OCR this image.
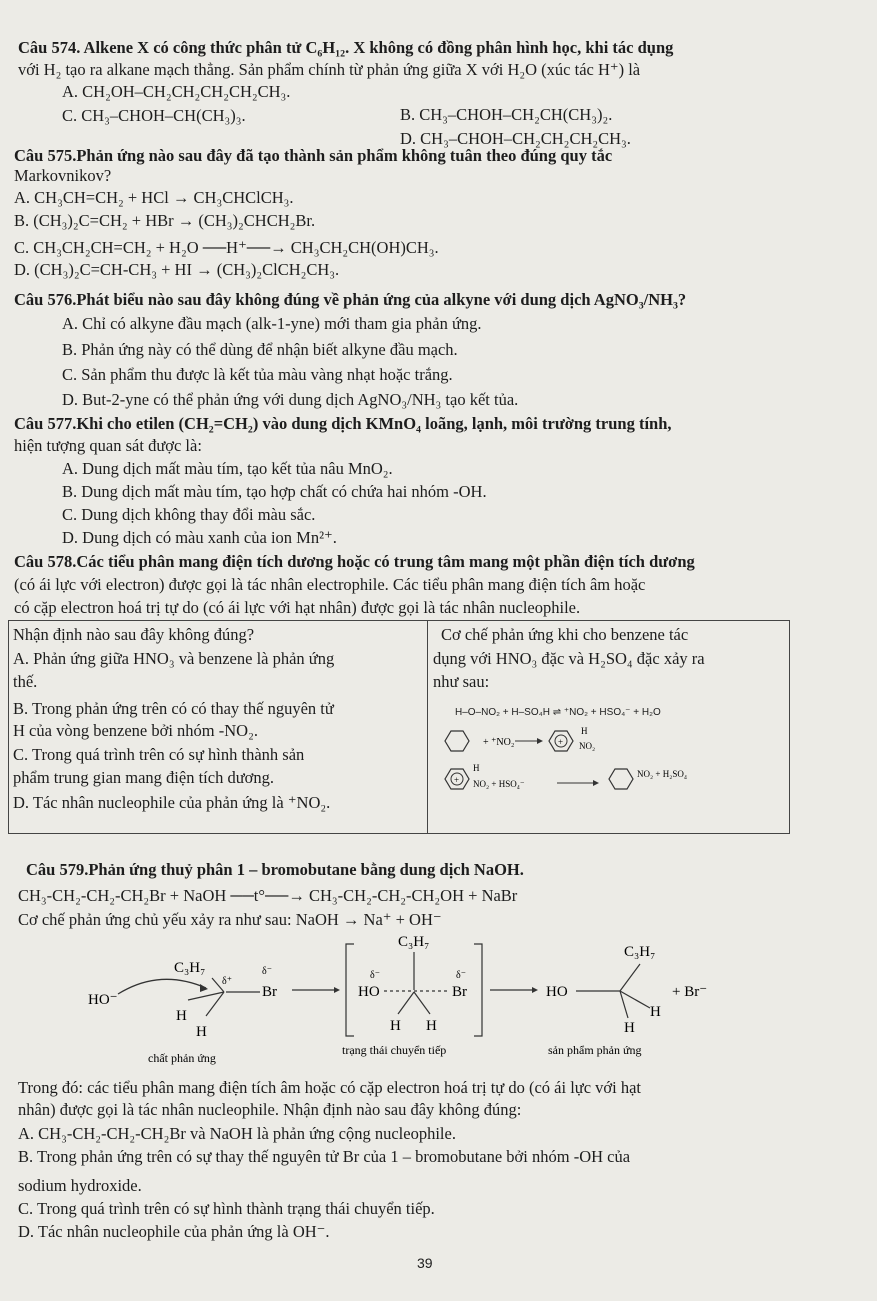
Câu 574. Alkene X có công thức phân tử C₆H₁₂. X không có đồng phân hình học, khi tác dụng
với H₂ tạo ra alkane mạch thẳng. Sản phẩm chính từ phản ứng giữa X với H₂O (xúc tác H⁺) là
A. CH₂OH–CH₂CH₂CH₂CH₂CH₃.
C. CH₃–CHOH–CH(CH₃)₃.	B. CH₃–CHOH–CH₂CH(CH₃)₂.
D. CH₃–CHOH–CH₂CH₂CH₂CH₃.
Câu 575.Phản ứng nào sau đây đã tạo thành sản phẩm không tuân theo đúng quy tắc
Markovnikov?
A. CH₃CH=CH₂ + HCl → CH₃CHClCH₃.
B. (CH₃)₂C=CH₂ + HBr → (CH₃)₂CHCH₂Br.
C. CH₃CH₂CH=CH₂ + H₂O ──H⁺──→ CH₃CH₂CH(OH)CH₃.
D. (CH₃)₂C=CH-CH₃ + HI → (CH₃)₂ClCH₂CH₃.
Câu 576.Phát biểu nào sau đây không đúng về phản ứng của alkyne với dung dịch AgNO₃/NH₃?
A. Chỉ có alkyne đầu mạch (alk-1-yne) mới tham gia phản ứng.
B. Phản ứng này có thể dùng để nhận biết alkyne đầu mạch.
C. Sản phẩm thu được là kết tủa màu vàng nhạt hoặc trắng.
D. But-2-yne có thể phản ứng với dung dịch AgNO₃/NH₃ tạo kết tủa.
Câu 577.Khi cho etilen (CH₂=CH₂) vào dung dịch KMnO₄ loãng, lạnh, môi trường trung tính,
hiện tượng quan sát được là:
A. Dung dịch mất màu tím, tạo kết tủa nâu MnO₂.
B. Dung dịch mất màu tím, tạo hợp chất có chứa hai nhóm -OH.
C. Dung dịch không thay đổi màu sắc.
D. Dung dịch có màu xanh của ion Mn²⁺.
Câu 578.Các tiểu phân mang điện tích dương hoặc có trung tâm mang một phần điện tích dương
(có ái lực với electron) được gọi là tác nhân electrophile. Các tiểu phân mang điện tích âm hoặc
có cặp electron hoá trị tự do (có ái lực với hạt nhân) được gọi là tác nhân nucleophile.
Nhận định nào sau đây không đúng?
A. Phản ứng giữa HNO₃ và benzene là phản ứng
thế.
B. Trong phản ứng trên có có thay thế nguyên tử
H của vòng benzene bởi nhóm -NO₂.
C. Trong quá trình trên có sự hình thành sản
phẩm trung gian mang điện tích dương.
D. Tác nhân nucleophile của phản ứng là ⁺NO₂.
Cơ chế phản ứng khi cho benzene tác
dụng với HNO₃ đặc và H₂SO₄ đặc xảy ra
như sau:
H–O–NO₂ + H–SO₄H ⇌ ⁺NO₂ + HSO₄⁻ + H₂O
+ ⁺NO₂	+
H
NO₂
+
H
NO₂ + HSO₄⁻
NO₂ + H₂SO₄
Câu 579.Phản ứng thuỷ phân 1 – bromobutane bằng dung dịch NaOH.
CH₃-CH₂-CH₂-CH₂Br + NaOH ──t°──→ CH₃-CH₂-CH₂-CH₂OH + NaBr
Cơ chế phản ứng chủ yếu xảy ra như sau: NaOH → Na⁺ + OH⁻
C₃H₇
HO⁻
δ⁺
δ⁻
Br
H
H
chất phản ứng
C₃H₇
HO
δ⁻
Br
δ⁻
H H
trạng thái chuyển tiếp
HO
C₃H₇
H
H
+ Br⁻
sản phẩm phản ứng
Trong đó: các tiểu phân mang điện tích âm hoặc có cặp electron hoá trị tự do (có ái lực với hạt
nhân) được gọi là tác nhân nucleophile. Nhận định nào sau đây không đúng:
A. CH₃-CH₂-CH₂-CH₂Br và NaOH là phản ứng cộng nucleophile.
B. Trong phản ứng trên có sự thay thế nguyên tử Br của 1 – bromobutane bởi nhóm -OH của
sodium hydroxide.
C. Trong quá trình trên có sự hình thành trạng thái chuyển tiếp.
D. Tác nhân nucleophile của phản ứng là OH⁻.
39
